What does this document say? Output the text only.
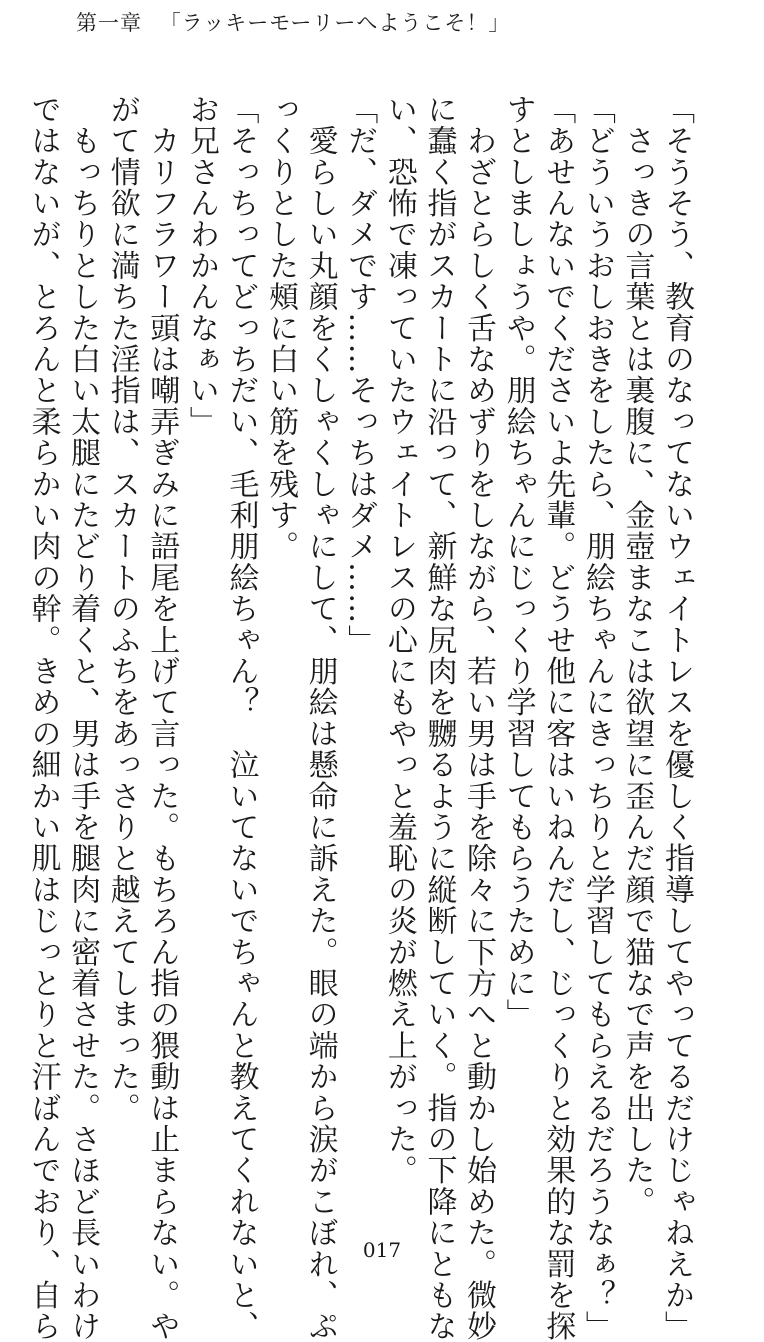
第一章 「ラッキーモーリーへようこそ！」

「そうそう、教育のなってないウェイトレスを優しく指導してやってるだけじゃねえか」

　さっきの言葉とは裏腹に、金壺まなこは欲望に歪んだ顔で猫なで声を出した。

「どういうおしおきをしたら、朋絵ちゃんにきっちりと学習してもらえるだろうなぁ？」

「あせんないでくださいよ先輩。どうせ他に客はいねんだし、じっくりと効果的な罰を探

すとしましょうや。朋絵ちゃんにじっくり学習してもらうために」

　わざとらしく舌なめずりをしながら、若い男は手を除々に下方へと動かし始めた。微妙

に蠢く指がスカートに沿って、新鮮な尻肉を嬲るように縦断していく。指の下降にともな

い、恐怖で凍っていたウェイトレスの心にもやっと羞恥の炎が燃え上がった。

「だ、ダメです……そっちはダメ……」

　愛らしい丸顔をくしゃくしゃにして、朋絵は懸命に訴えた。眼の端から涙がこぼれ、ぷ

っくりとした頰に白い筋を残す。

「そっちってどっちだい、毛利朋絵ちゃん？　泣いてないでちゃんと教えてくれないと、

お兄さんわかんなぁい」

　カリフラワー頭は嘲弄ぎみに語尾を上げて言った。もちろん指の猥動は止まらない。や

がて情欲に満ちた淫指は、スカートのふちをあっさりと越えてしまった。

　もっちりとした白い太腿にたどり着くと、男は手を腿肉に密着させた。さほど長いわけ

ではないが、とろんと柔らかい肉の幹。きめの細かい肌はじっとりと汗ばんでおり、自ら	017
